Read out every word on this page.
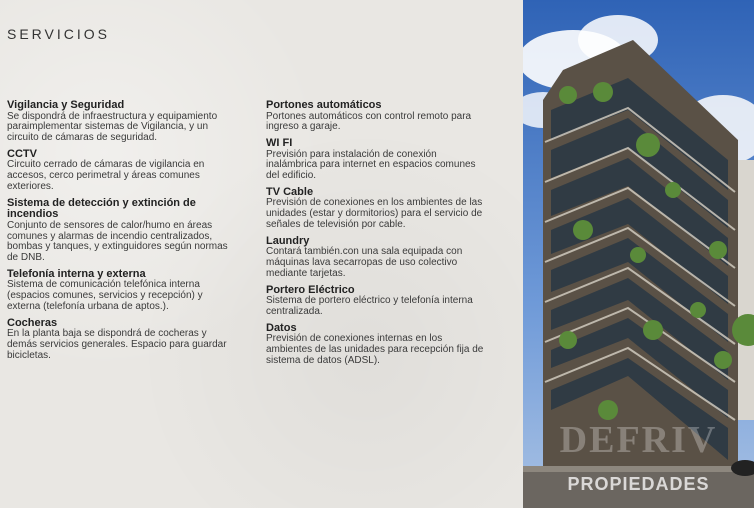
SERVICIOS
Vigilancia y Seguridad

Se dispondrá de infraestructura y equipamiento paraimplementar sistemas de Vigilancia, y un circuito de cámaras de seguridad.

CCTV

Circuito cerrado de cámaras de vigilancia en accesos, cerco perimetral y áreas comunes exteriores.

Sistema de detección y extinción de incendios

Conjunto de sensores de calor/humo en áreas comunes y alarmas de incendio centralizados, bombas y tanques, y extinguidores según normas de DNB.

Telefonía interna y externa

Sistema de comunicación telefónica interna (espacios comunes, servicios y recepción) y externa (telefonía urbana de aptos.).

Cocheras

En la planta baja se dispondrá de cocheras y demás servicios generales. Espacio para guardar bicicletas.

Portones automáticos

Portones automáticos con control remoto para ingreso a garaje.

WI FI

Previsión para instalación de conexión inalámbrica para internet en espacios comunes del edificio.

TV Cable

Previsión de conexiones en los ambientes de las unidades (estar y dormitorios) para el servicio de señales de televisión por cable.

Laundry

Contará también.con una sala equipada con máquinas lava secarropas de uso colectivo mediante tarjetas.

Portero Eléctrico

Sistema de portero eléctrico y telefonía interna centralizada.

Datos

Previsión de conexiones internas en los ambientes de las unidades para recepción fija de sistema de datos (ADSL).

DEFRIV
PROPIEDADES
